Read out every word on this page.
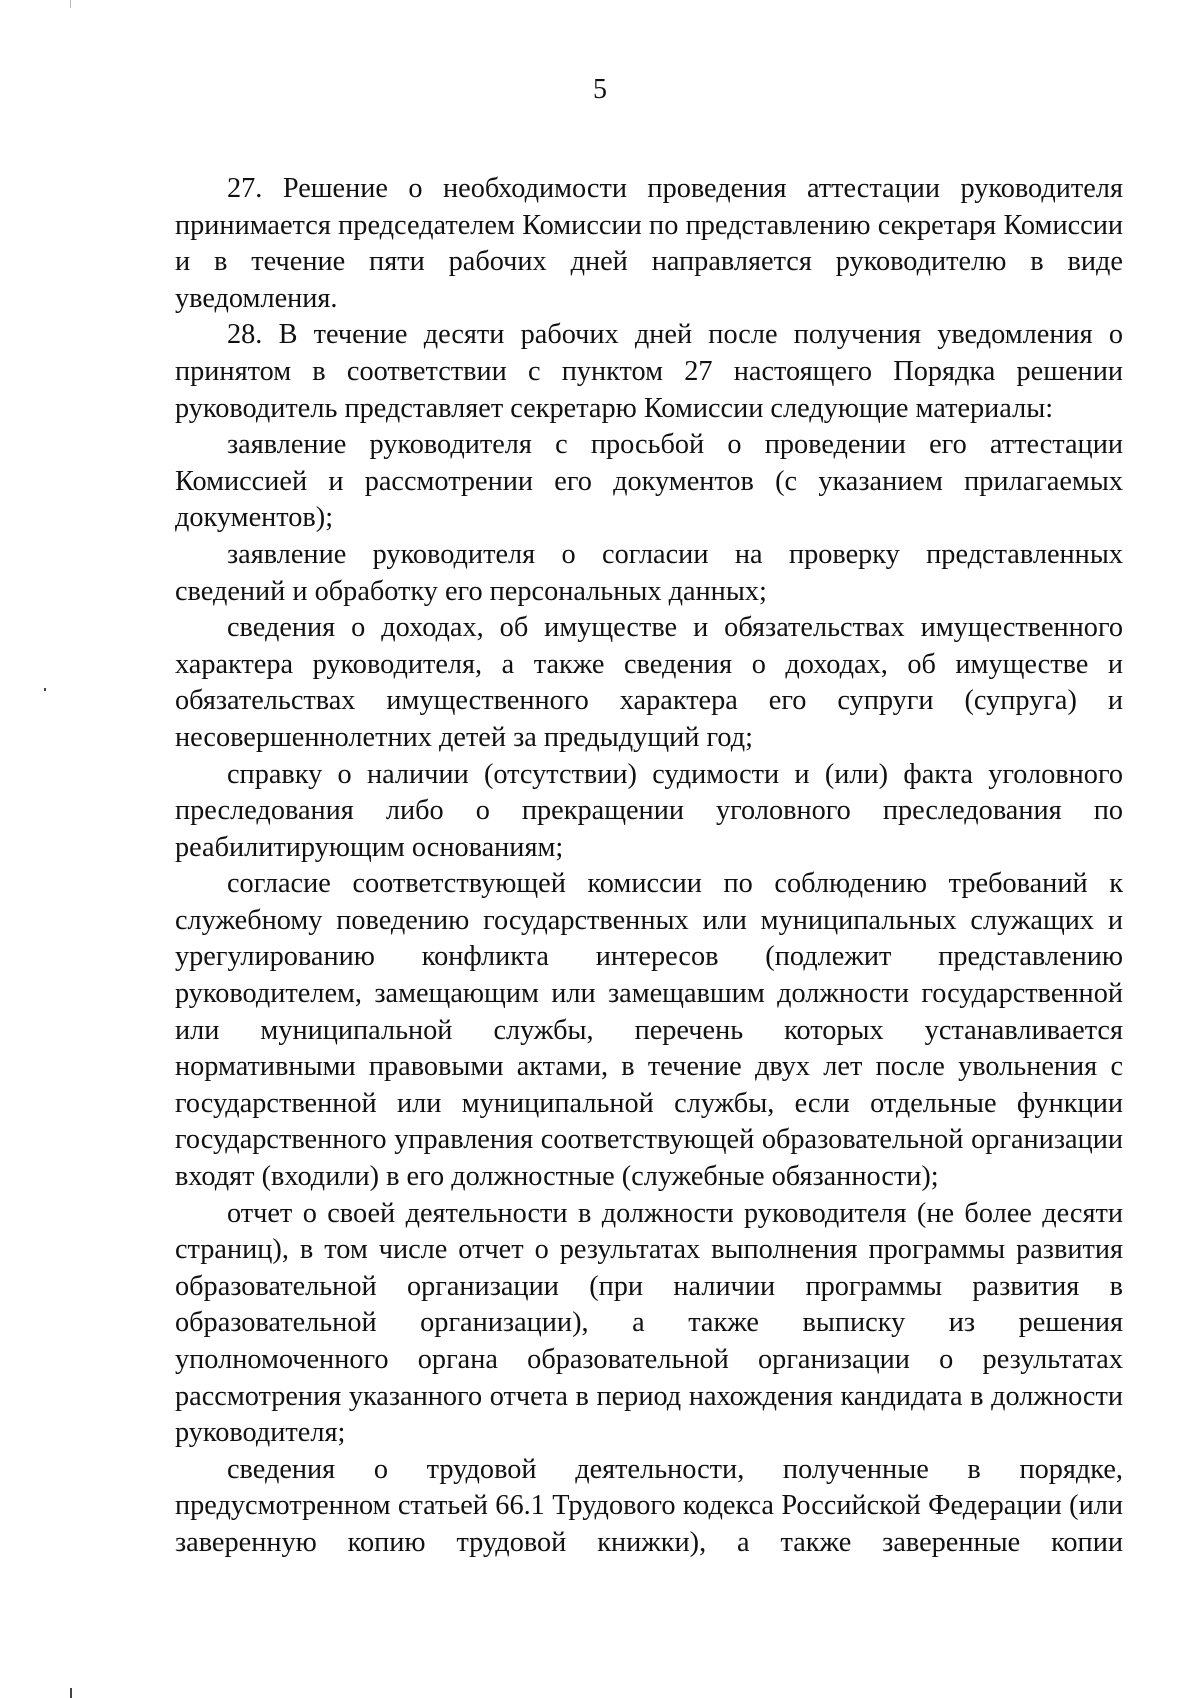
5

27. Решение о необходимости проведения аттестации руководителя принимается председателем Комиссии по представлению секретаря Комиссии и в течение пяти рабочих дней направляется руководителю в виде уведомления.

28. В течение десяти рабочих дней после получения уведомления о принятом в соответствии с пунктом 27 настоящего Порядка решении руководитель представляет секретарю Комиссии следующие материалы:

заявление руководителя с просьбой о проведении его аттестации Комиссией и рассмотрении его документов (с указанием прилагаемых документов);

заявление руководителя о согласии на проверку представленных сведений и обработку его персональных данных;

сведения о доходах, об имуществе и обязательствах имущественного характера руководителя, а также сведения о доходах, об имуществе и обязательствах имущественного характера его супруги (супруга) и несовершеннолетних детей за предыдущий год;

справку о наличии (отсутствии) судимости и (или) факта уголовного преследования либо о прекращении уголовного преследования по реабилитирующим основаниям;

согласие соответствующей комиссии по соблюдению требований к служебному поведению государственных или муниципальных служащих и урегулированию конфликта интересов (подлежит представлению руководителем, замещающим или замещавшим должности государственной или муниципальной службы, перечень которых устанавливается нормативными правовыми актами, в течение двух лет после увольнения с государственной или муниципальной службы, если отдельные функции государственного управления соответствующей образовательной организации входят (входили) в его должностные (служебные обязанности);

отчет о своей деятельности в должности руководителя (не более десяти страниц), в том числе отчет о результатах выполнения программы развития образовательной организации (при наличии программы развития в образовательной организации), а также выписку из решения уполномоченного органа образовательной организации о результатах рассмотрения указанного отчета в период нахождения кандидата в должности руководителя;

сведения о трудовой деятельности, полученные в порядке, предусмотренном статьей 66.1 Трудового кодекса Российской Федерации (или заверенную копию трудовой книжки), а также заверенные копии
